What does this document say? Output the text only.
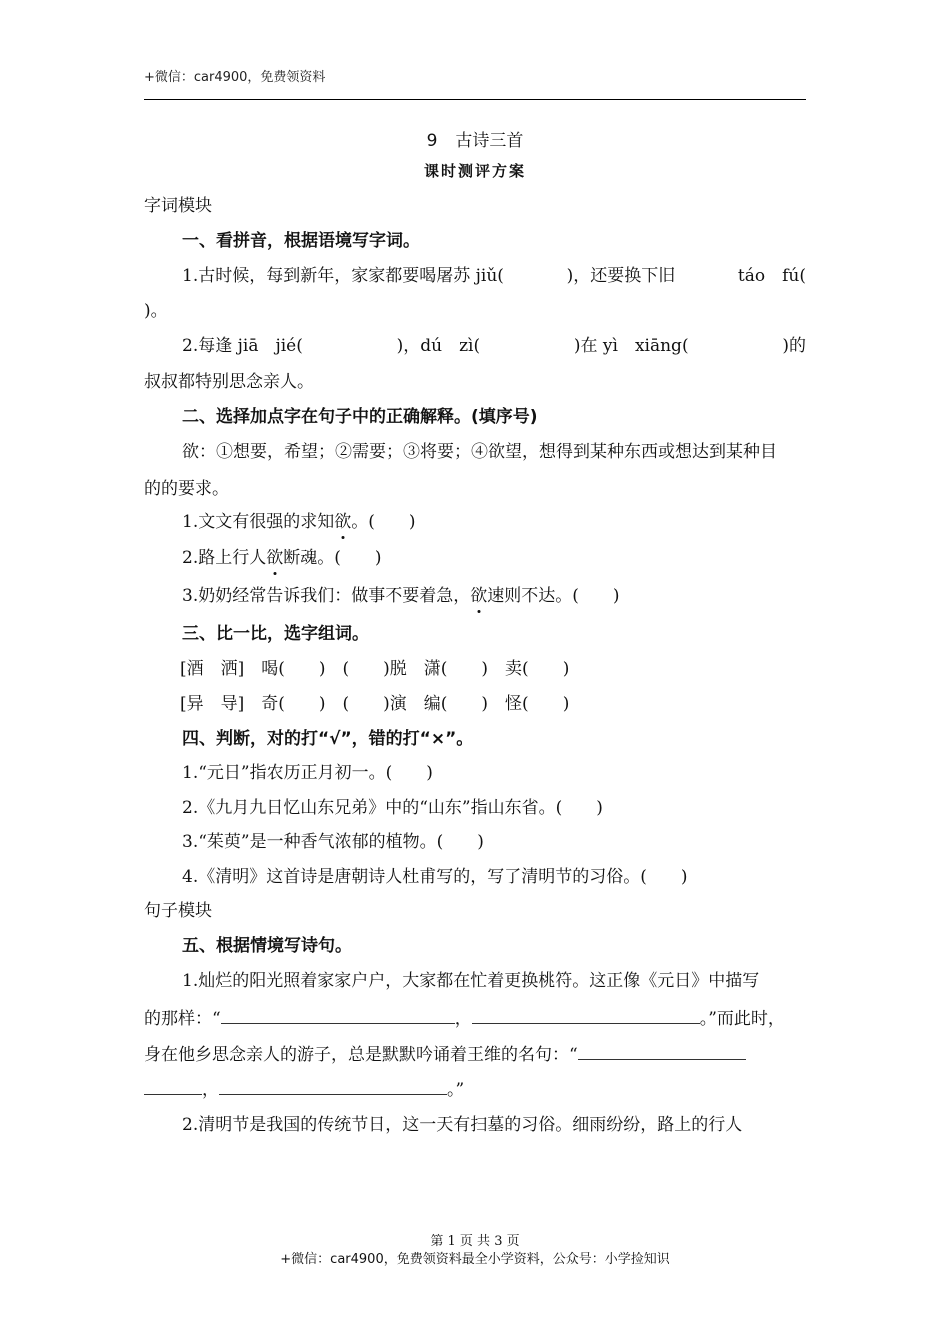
+微信：car4900，免费领资料
9 古诗三首
课时测评方案
字词模块
一、看拼音，根据语境写字词。
1.古时候，每到新年，家家都要喝屠苏 jiǔ(	)，还要换下旧	táo　fú(
)。
2.每逢 jiā　jié(	)，dú　zì(	)在 yì　xiāng(	)的
叔叔都特别思念亲人。
二、选择加点字在句子中的正确解释。(填序号)
欲：①想要，希望；②需要；③将要；④欲望，想得到某种东西或想达到某种目
的的要求。
1.文文有很强的求知欲。(　　)
2.路上行人欲断魂。(　　)
3.奶奶经常告诉我们：做事不要着急，欲速则不达。(　　)
三、比一比，选字组词。
[酒　洒]　喝(　　)　(　　)脱　潇(　　)　卖(　　)
[异　导]　奇(　　)　(　　)演　编(　　)　怪(　　)
四、判断，对的打“√”，错的打“×”。
1.“元日”指农历正月初一。(　　)
2.《九月九日忆山东兄弟》中的“山东”指山东省。(　　)
3.“茱萸”是一种香气浓郁的植物。(　　)
4.《清明》这首诗是唐朝诗人杜甫写的，写了清明节的习俗。(　　)
句子模块
五、根据情境写诗句。
1.灿烂的阳光照着家家户户，大家都在忙着更换桃符。这正像《元日》中描写
的那样：“	，	。”而此时，
身在他乡思念亲人的游子，总是默默吟诵着王维的名句：“
，	。”
2.清明节是我国的传统节日，这一天有扫墓的习俗。细雨纷纷，路上的行人
第 1 页 共 3 页
+微信：car4900，免费领资料最全小学资料，公众号：小学捡知识
